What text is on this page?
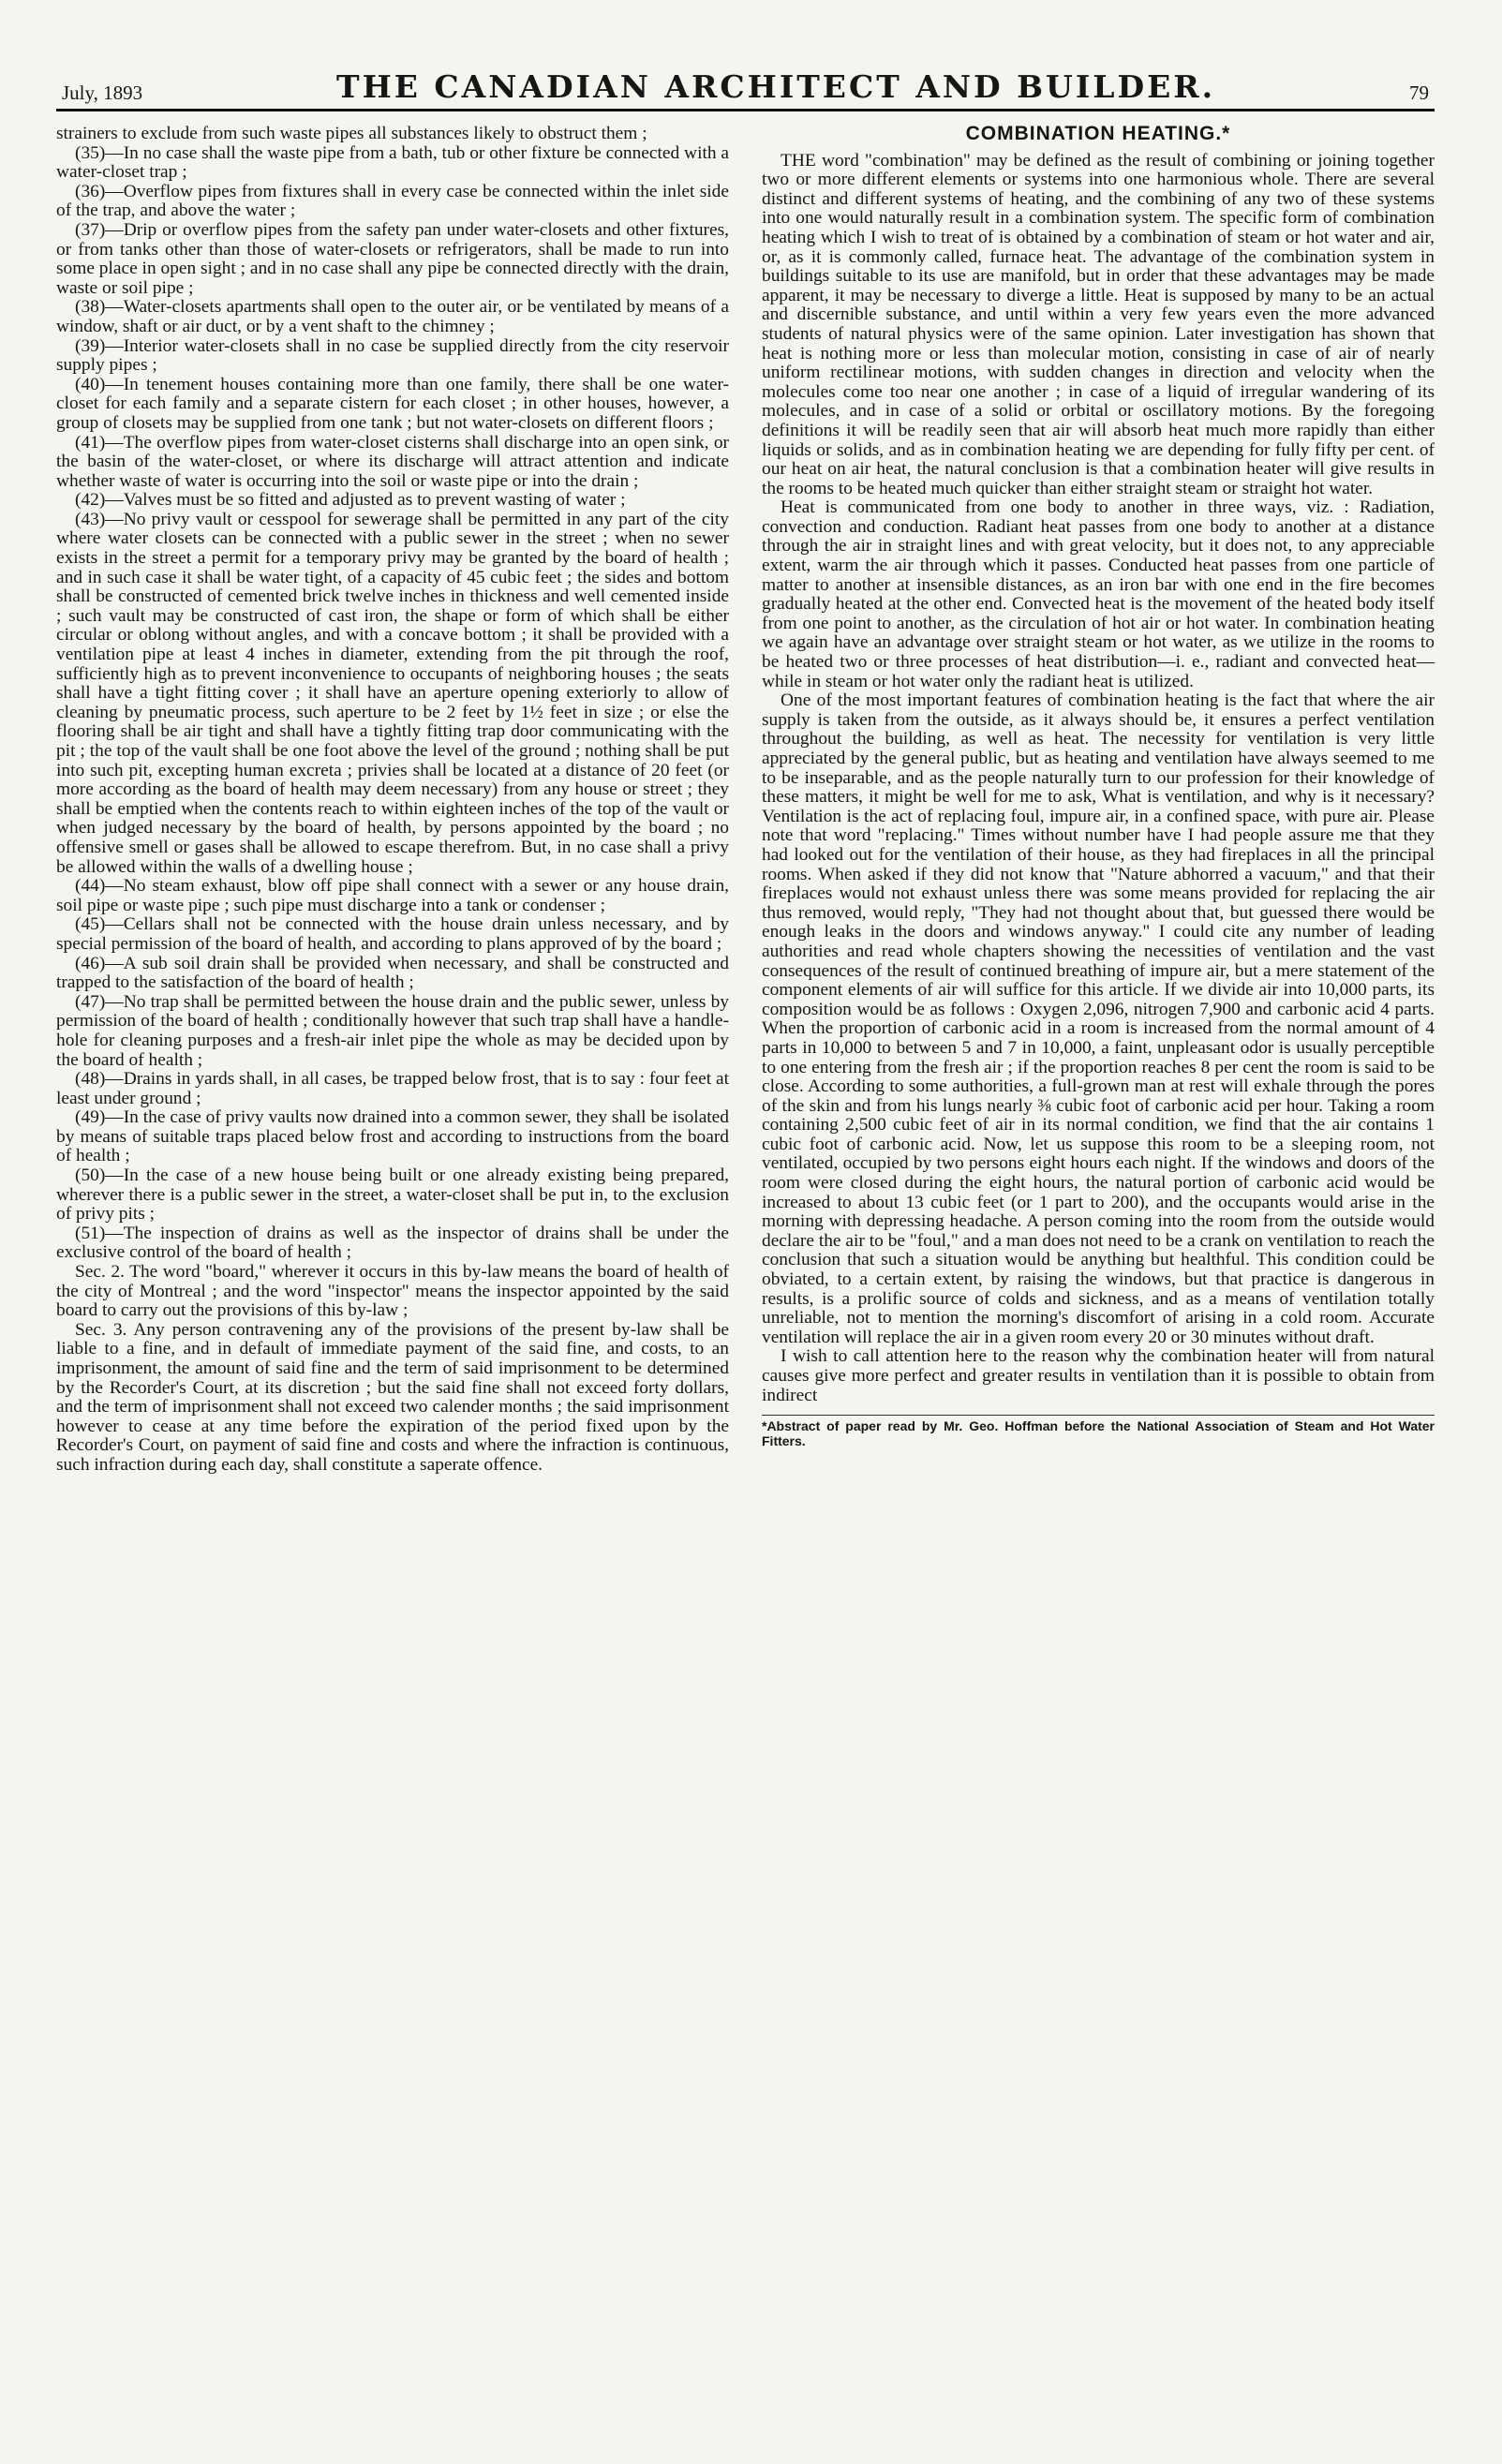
July, 1893	THE CANADIAN ARCHITECT AND BUILDER.	79

strainers to exclude from such waste pipes all substances likely to obstruct them ;

(35)—In no case shall the waste pipe from a bath, tub or other fixture be connected with a water-closet trap ;

(36)—Overflow pipes from fixtures shall in every case be connected within the inlet side of the trap, and above the water ;

(37)—Drip or overflow pipes from the safety pan under water-closets and other fixtures, or from tanks other than those of water-closets or refrigerators, shall be made to run into some place in open sight ; and in no case shall any pipe be connected directly with the drain, waste or soil pipe ;

(38)—Water-closets apartments shall open to the outer air, or be ventilated by means of a window, shaft or air duct, or by a vent shaft to the chimney ;

(39)—Interior water-closets shall in no case be supplied directly from the city reservoir supply pipes ;

(40)—In tenement houses containing more than one family, there shall be one water-closet for each family and a separate cistern for each closet ; in other houses, however, a group of closets may be supplied from one tank ; but not water-closets on different floors ;

(41)—The overflow pipes from water-closet cisterns shall discharge into an open sink, or the basin of the water-closet, or where its discharge will attract attention and indicate whether waste of water is occurring into the soil or waste pipe or into the drain ;

(42)—Valves must be so fitted and adjusted as to prevent wasting of water ;

(43)—No privy vault or cesspool for sewerage shall be permitted in any part of the city where water closets can be connected with a public sewer in the street ; when no sewer exists in the street a permit for a temporary privy may be granted by the board of health ; and in such case it shall be water tight, of a capacity of 45 cubic feet ; the sides and bottom shall be constructed of cemented brick twelve inches in thickness and well cemented inside ; such vault may be constructed of cast iron, the shape or form of which shall be either circular or oblong without angles, and with a concave bottom ; it shall be provided with a ventilation pipe at least 4 inches in diameter, extending from the pit through the roof, sufficiently high as to prevent inconvenience to occupants of neighboring houses ; the seats shall have a tight fitting cover ; it shall have an aperture opening exteriorly to allow of cleaning by pneumatic process, such aperture to be 2 feet by 1½ feet in size ; or else the flooring shall be air tight and shall have a tightly fitting trap door communicating with the pit ; the top of the vault shall be one foot above the level of the ground ; nothing shall be put into such pit, excepting human excreta ; privies shall be located at a distance of 20 feet (or more according as the board of health may deem necessary) from any house or street ; they shall be emptied when the contents reach to within eighteen inches of the top of the vault or when judged necessary by the board of health, by persons appointed by the board ; no offensive smell or gases shall be allowed to escape therefrom. But, in no case shall a privy be allowed within the walls of a dwelling house ;

(44)—No steam exhaust, blow off pipe shall connect with a sewer or any house drain, soil pipe or waste pipe ; such pipe must discharge into a tank or condenser ;

(45)—Cellars shall not be connected with the house drain unless necessary, and by special permission of the board of health, and according to plans approved of by the board ;

(46)—A sub soil drain shall be provided when necessary, and shall be constructed and trapped to the satisfaction of the board of health ;

(47)—No trap shall be permitted between the house drain and the public sewer, unless by permission of the board of health ; conditionally however that such trap shall have a handle-hole for cleaning purposes and a fresh-air inlet pipe the whole as may be decided upon by the board of health ;

(48)—Drains in yards shall, in all cases, be trapped below frost, that is to say : four feet at least under ground ;

(49)—In the case of privy vaults now drained into a common sewer, they shall be isolated by means of suitable traps placed below frost and according to instructions from the board of health ;

(50)—In the case of a new house being built or one already existing being prepared, wherever there is a public sewer in the street, a water-closet shall be put in, to the exclusion of privy pits ;

(51)—The inspection of drains as well as the inspector of drains shall be under the exclusive control of the board of health ;

Sec. 2. The word "board," wherever it occurs in this by-law means the board of health of the city of Montreal ; and the word "inspector" means the inspector appointed by the said board to carry out the provisions of this by-law ;

Sec. 3. Any person contravening any of the provisions of the present by-law shall be liable to a fine, and in default of immediate payment of the said fine, and costs, to an imprisonment, the amount of said fine and the term of said imprisonment to be determined by the Recorder's Court, at its discretion ; but the said fine shall not exceed forty dollars, and the term of imprisonment shall not exceed two calender months ; the said imprisonment however to cease at any time before the expiration of the period fixed upon by the Recorder's Court, on payment of said fine and costs and where the infraction is continuous, such infraction during each day, shall constitute a saperate offence.

COMBINATION HEATING.*

THE word "combination" may be defined as the result of combining or joining together two or more different elements or systems into one harmonious whole. There are several distinct and different systems of heating, and the combining of any two of these systems into one would naturally result in a combination system. The specific form of combination heating which I wish to treat of is obtained by a combination of steam or hot water and air, or, as it is commonly called, furnace heat. The advantage of the combination system in buildings suitable to its use are manifold, but in order that these advantages may be made apparent, it may be necessary to diverge a little. Heat is supposed by many to be an actual and discernible substance, and until within a very few years even the more advanced students of natural physics were of the same opinion. Later investigation has shown that heat is nothing more or less than molecular motion, consisting in case of air of nearly uniform rectilinear motions, with sudden changes in direction and velocity when the molecules come too near one another ; in case of a liquid of irregular wandering of its molecules, and in case of a solid or orbital or oscillatory motions. By the foregoing definitions it will be readily seen that air will absorb heat much more rapidly than either liquids or solids, and as in combination heating we are depending for fully fifty per cent. of our heat on air heat, the natural conclusion is that a combination heater will give results in the rooms to be heated much quicker than either straight steam or straight hot water.

Heat is communicated from one body to another in three ways, viz. : Radiation, convection and conduction. Radiant heat passes from one body to another at a distance through the air in straight lines and with great velocity, but it does not, to any appreciable extent, warm the air through which it passes. Conducted heat passes from one particle of matter to another at insensible distances, as an iron bar with one end in the fire becomes gradually heated at the other end. Convected heat is the movement of the heated body itself from one point to another, as the circulation of hot air or hot water. In combination heating we again have an advantage over straight steam or hot water, as we utilize in the rooms to be heated two or three processes of heat distribution—i. e., radiant and convected heat—while in steam or hot water only the radiant heat is utilized.

One of the most important features of combination heating is the fact that where the air supply is taken from the outside, as it always should be, it ensures a perfect ventilation throughout the building, as well as heat. The necessity for ventilation is very little appreciated by the general public, but as heating and ventilation have always seemed to me to be inseparable, and as the people naturally turn to our profession for their knowledge of these matters, it might be well for me to ask, What is ventilation, and why is it necessary? Ventilation is the act of replacing foul, impure air, in a confined space, with pure air. Please note that word "replacing." Times without number have I had people assure me that they had looked out for the ventilation of their house, as they had fireplaces in all the principal rooms. When asked if they did not know that "Nature abhorred a vacuum," and that their fireplaces would not exhaust unless there was some means provided for replacing the air thus removed, would reply, "They had not thought about that, but guessed there would be enough leaks in the doors and windows anyway." I could cite any number of leading authorities and read whole chapters showing the necessities of ventilation and the vast consequences of the result of continued breathing of impure air, but a mere statement of the component elements of air will suffice for this article. If we divide air into 10,000 parts, its composition would be as follows : Oxygen 2,096, nitrogen 7,900 and carbonic acid 4 parts. When the proportion of carbonic acid in a room is increased from the normal amount of 4 parts in 10,000 to between 5 and 7 in 10,000, a faint, unpleasant odor is usually perceptible to one entering from the fresh air ; if the proportion reaches 8 per cent the room is said to be close. According to some authorities, a full-grown man at rest will exhale through the pores of the skin and from his lungs nearly ⅜ cubic foot of carbonic acid per hour. Taking a room containing 2,500 cubic feet of air in its normal condition, we find that the air contains 1 cubic foot of carbonic acid. Now, let us suppose this room to be a sleeping room, not ventilated, occupied by two persons eight hours each night. If the windows and doors of the room were closed during the eight hours, the natural portion of carbonic acid would be increased to about 13 cubic feet (or 1 part to 200), and the occupants would arise in the morning with depressing headache. A person coming into the room from the outside would declare the air to be "foul," and a man does not need to be a crank on ventilation to reach the conclusion that such a situation would be anything but healthful. This condition could be obviated, to a certain extent, by raising the windows, but that practice is dangerous in results, is a prolific source of colds and sickness, and as a means of ventilation totally unreliable, not to mention the morning's discomfort of arising in a cold room. Accurate ventilation will replace the air in a given room every 20 or 30 minutes without draft.

I wish to call attention here to the reason why the combination heater will from natural causes give more perfect and greater results in ventilation than it is possible to obtain from indirect

*Abstract of paper read by Mr. Geo. Hoffman before the National Association of Steam and Hot Water Fitters.
